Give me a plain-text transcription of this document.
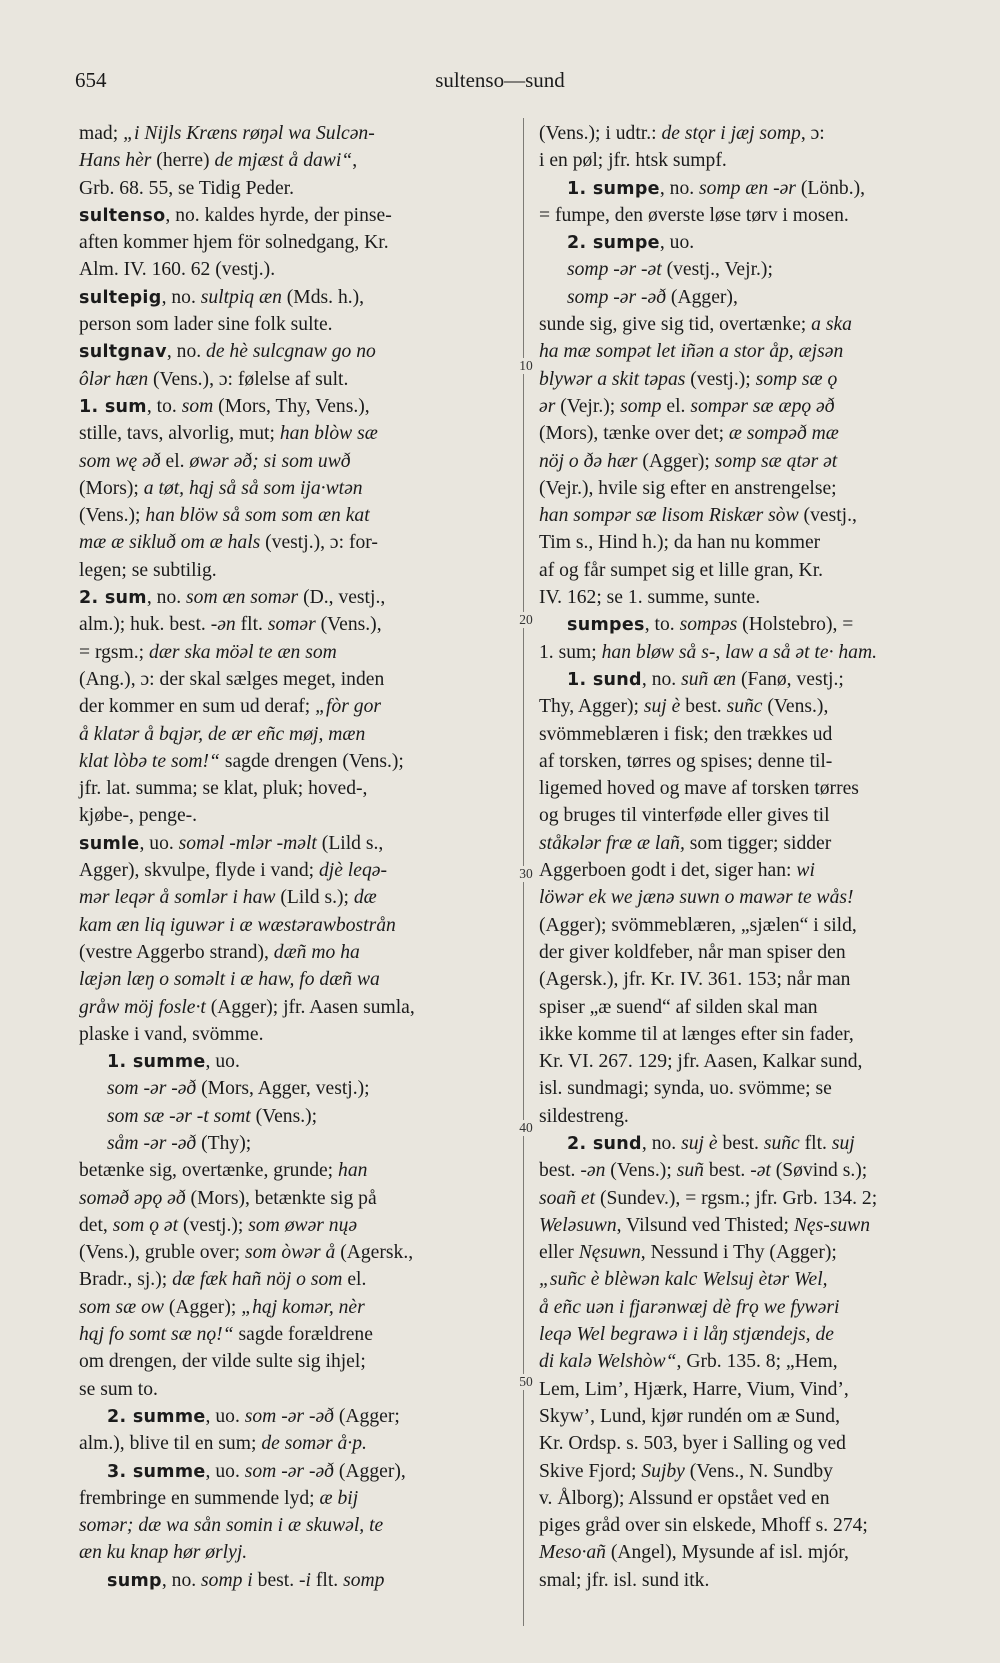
654	sultenso—sund
mad; „i Nijls Kræns røŋəl wa Sulcən-
Hans hèr (herre) de mjæst å dawi“,
Grb. 68. 55, se Tidig Peder.
sultenso, no. kaldes hyrde, der pinse-
aften kommer hjem för solnedgang, Kr.
Alm. IV. 160. 62 (vestj.).
sultepig, no. sultpiq æn (Mds. h.),
person som lader sine folk sulte.
sultgnav, no. de hè sulcgnaw go no
ôlər hæn (Vens.), ɔ: følelse af sult.
1. sum, to. som (Mors, Thy, Vens.),
stille, tavs, alvorlig, mut; han blòw sæ
som wę əð el. øwər əð; si som uwð
(Mors); a tøt, hąj så så som ija·wtən
(Vens.); han blöw så som som æn kat
mæ æ sikluð om æ hals (vestj.), ɔ: for-
legen; se subtilig.
2. sum, no. som æn somər (D., vestj.,
alm.); huk. best. -ən flt. somər (Vens.),
= rgsm.; dær ska möəl te æn som
(Ang.), ɔ: der skal sælges meget, inden
der kommer en sum ud deraf; „fòr gor
å klatər å bąjər, de ær eñc møj, mæn
klat lòbə te som!“ sagde drengen (Vens.);
jfr. lat. summa; se klat, pluk; hoved-,
kjøbe-, penge-.
sumle, uo. soməl -mlər -məlt (Lild s.,
Agger), skvulpe, flyde i vand; djè leqə-
mər leqər å somlər i haw (Lild s.); dæ
kam æn liq iguwər i æ wæstərawbostrån
(vestre Aggerbo strand), dæñ mo ha
læjən læŋ o soməlt i æ haw, fo dæñ wa
gråw möj fosle·t (Agger); jfr. Aasen sumla,
plaske i vand, svömme.
1. summe, uo.
som -ər -əð (Mors, Agger, vestj.);
som sæ -ər -t somt (Vens.);
såm -ər -əð (Thy);
betænke sig, overtænke, grunde; han
soməð əpǫ əð (Mors), betænkte sig på
det, som ǫ ət (vestj.); som øwər nųə
(Vens.), gruble over; som òwər å (Agersk.,
Bradr., sj.); dæ fæk hañ nöj o som el.
som sæ ow (Agger); „hąj komər, nèr
hąj fo somt sæ nǫ!“ sagde forældrene
om drengen, der vilde sulte sig ihjel;
se sum to.
2. summe, uo. som -ər -əð (Agger;
alm.), blive til en sum; de somər å·p.
3. summe, uo. som -ər -əð (Agger),
frembringe en summende lyd; æ bij
somər; dæ wa sån somin i æ skuwəl, te
æn ku knap hør ørlyj.
sump, no. somp i best. -i flt. somp
(Vens.); i udtr.: de stǫr i jæj somp, ɔ:
i en pøl; jfr. htsk sumpf.
1. sumpe, no. somp æn -ər (Lönb.),
= fumpe, den øverste løse tørv i mosen.
2. sumpe, uo.
somp -ər -ət (vestj., Vejr.);
somp -ər -əð (Agger),
sunde sig, give sig tid, overtænke; a ska
ha mæ sompət let iñən a stor åp, æjsən
blywər a skit təpas (vestj.); somp sæ ǫ
ər (Vejr.); somp el. sompər sæ æpǫ əð
(Mors), tænke over det; æ sompəð mæ
nöj o ðə hær (Agger); somp sæ ątər ət
(Vejr.), hvile sig efter en anstrengelse;
han sompər sæ lisom Riskær sòw (vestj.,
Tim s., Hind h.); da han nu kommer
af og får sumpet sig et lille gran, Kr.
IV. 162; se 1. summe, sunte.
sumpes, to. sompəs (Holstebro), =
1. sum; han bløw så s-, law a så ət te· ham.
1. sund, no. suñ æn (Fanø, vestj.;
Thy, Agger); suj è best. suñc (Vens.),
svömmeblæren i fisk; den trækkes ud
af torsken, tørres og spises; denne til-
ligemed hoved og mave af torsken tørres
og bruges til vinterføde eller gives til
ståkələr fræ æ lañ, som tigger; sidder
Aggerboen godt i det, siger han: wi
löwər ek we jænə suwn o mawər te wås!
(Agger); svömmeblæren, „sjælen“ i sild,
der giver koldfeber, når man spiser den
(Agersk.), jfr. Kr. IV. 361. 153; når man
spiser „æ suend“ af silden skal man
ikke komme til at længes efter sin fader,
Kr. VI. 267. 129; jfr. Aasen, Kalkar sund,
isl. sundmagi; synda, uo. svömme; se
sildestreng.
2. sund, no. suj è best. suñc flt. suj
best. -ən (Vens.); suñ best. -ət (Søvind s.);
soañ et (Sundev.), = rgsm.; jfr. Grb. 134. 2;
Weləsuwn, Vilsund ved Thisted; Nęs-suwn
eller Nęsuwn, Nessund i Thy (Agger);
„suñc è blèwən kalc Welsuj ètər Wel,
å eñc uən i fjarənwæj dè frǫ we fywəri
leqə Wel begrawə i i låŋ stjændejs, de
di kalə Welshòw“, Grb. 135. 8; „Hem,
Lem, Lim’, Hjærk, Harre, Vium, Vind’,
Skyw’, Lund, kjør rundén om æ Sund,
Kr. Ordsp. s. 503, byer i Salling og ved
Skive Fjord; Sujby (Vens., N. Sundby
v. Ålborg); Alssund er opstået ved en
piges gråd over sin elskede, Mhoff s. 274;
Meso·añ (Angel), Mysunde af isl. mjór,
smal; jfr. isl. sund itk.
10
20
30
40
50
